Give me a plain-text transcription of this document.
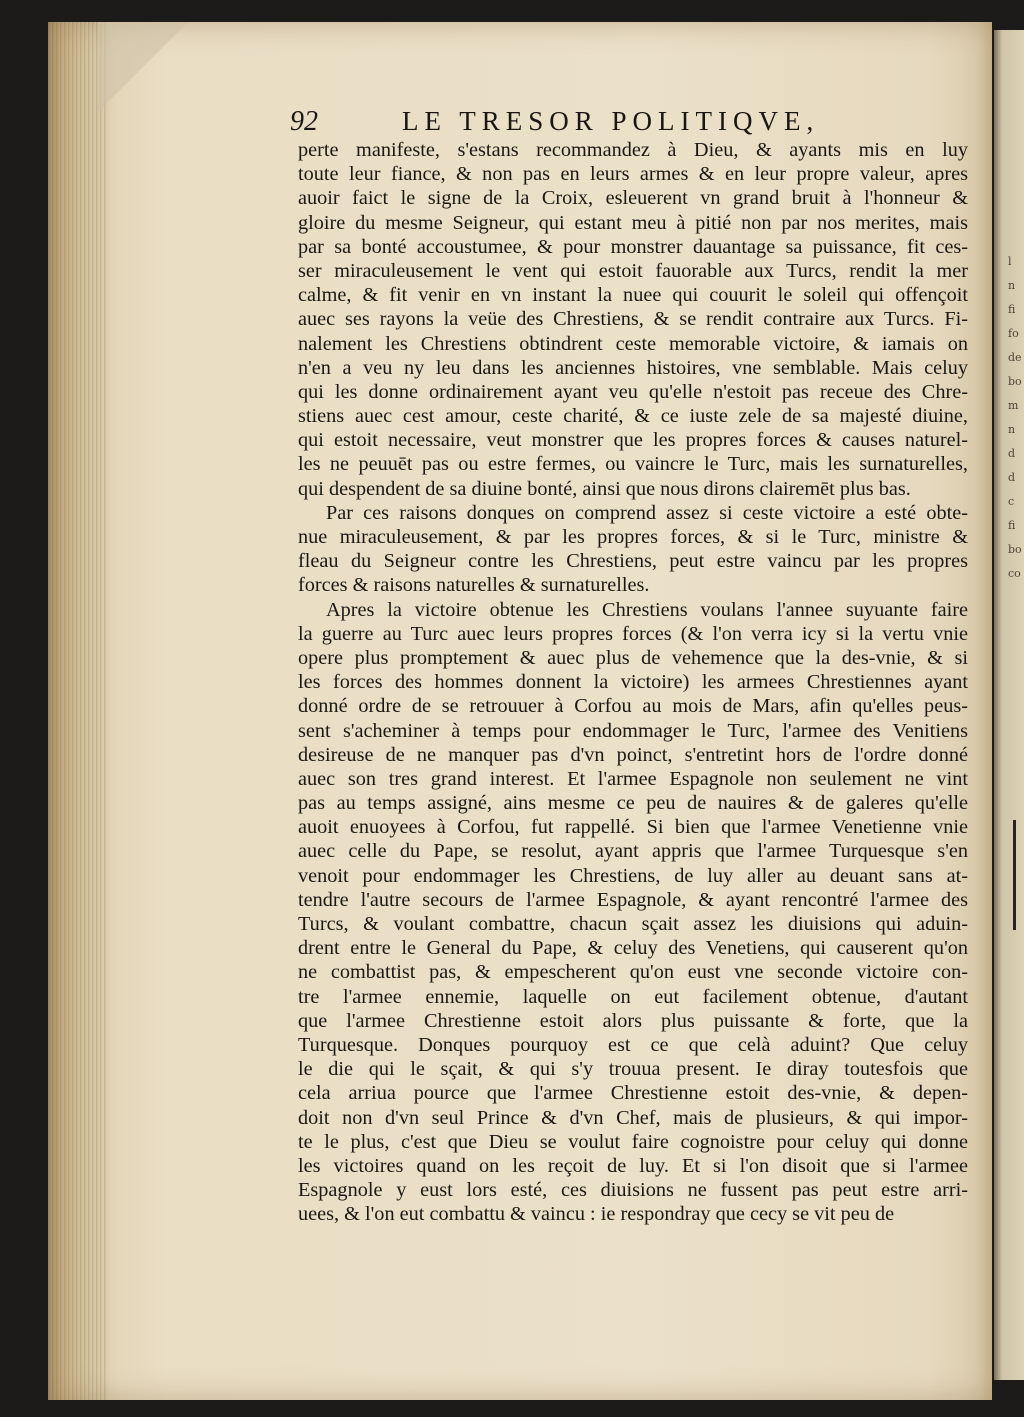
l
n
fi
fo
de
bo
m
n
d
d
c
fi
bo
co
92	LE TRESOR POLITIQVE,
perte manifeste, s'estans recommandez à Dieu, & ayants mis en luy
toute leur fiance, & non pas en leurs armes & en leur propre valeur, apres
auoir faict le signe de la Croix, esleuerent vn grand bruit à l'honneur &
gloire du mesme Seigneur, qui estant meu à pitié non par nos merites, mais
par sa bonté accoustumee, & pour monstrer dauantage sa puissance, fit ces-
ser miraculeusement le vent qui estoit fauorable aux Turcs, rendit la mer
calme, & fit venir en vn instant la nuee qui couurit le soleil qui offençoit
auec ses rayons la veüe des Chrestiens, & se rendit contraire aux Turcs. Fi-
nalement les Chrestiens obtindrent ceste memorable victoire, & iamais on
n'en a veu ny leu dans les anciennes histoires, vne semblable. Mais celuy
qui les donne ordinairement ayant veu qu'elle n'estoit pas receue des Chre-
stiens auec cest amour, ceste charité, & ce iuste zele de sa majesté diuine,
qui estoit necessaire, veut monstrer que les propres forces & causes naturel-
les ne peuuēt pas ou estre fermes, ou vaincre le Turc, mais les surnaturelles,
qui despendent de sa diuine bonté, ainsi que nous dirons clairemēt plus bas.
Par ces raisons donques on comprend assez si ceste victoire a esté obte-
nue miraculeusement, & par les propres forces, & si le Turc, ministre &
fleau du Seigneur contre les Chrestiens, peut estre vaincu par les propres
forces & raisons naturelles & surnaturelles.
Apres la victoire obtenue les Chrestiens voulans l'annee suyuante faire
la guerre au Turc auec leurs propres forces (& l'on verra icy si la vertu vnie
opere plus promptement & auec plus de vehemence que la des-vnie, & si
les forces des hommes donnent la victoire) les armees Chrestiennes ayant
donné ordre de se retrouuer à Corfou au mois de Mars, afin qu'elles peus-
sent s'acheminer à temps pour endommager le Turc, l'armee des Venitiens
desireuse de ne manquer pas d'vn poinct, s'entretint hors de l'ordre donné
auec son tres grand interest. Et l'armee Espagnole non seulement ne vint
pas au temps assigné, ains mesme ce peu de nauires & de galeres qu'elle
auoit enuoyees à Corfou, fut rappellé. Si bien que l'armee Venetienne vnie
auec celle du Pape, se resolut, ayant appris que l'armee Turquesque s'en
venoit pour endommager les Chrestiens, de luy aller au deuant sans at-
tendre l'autre secours de l'armee Espagnole, & ayant rencontré l'armee des
Turcs, & voulant combattre, chacun sçait assez les diuisions qui aduin-
drent entre le General du Pape, & celuy des Venetiens, qui causerent qu'on
ne combattist pas, & empescherent qu'on eust vne seconde victoire con-
tre l'armee ennemie, laquelle on eut facilement obtenue, d'autant
que l'armee Chrestienne estoit alors plus puissante & forte, que la
Turquesque. Donques pourquoy est ce que celà aduint? Que celuy
le die qui le sçait, & qui s'y trouua present. Ie diray toutesfois que
cela arriua pource que l'armee Chrestienne estoit des-vnie, & depen-
doit non d'vn seul Prince & d'vn Chef, mais de plusieurs, & qui impor-
te le plus, c'est que Dieu se voulut faire cognoistre pour celuy qui donne
les victoires quand on les reçoit de luy. Et si l'on disoit que si l'armee
Espagnole y eust lors esté, ces diuisions ne fussent pas peut estre arri-
uees, & l'on eut combattu & vaincu : ie respondray que cecy se vit peu de
